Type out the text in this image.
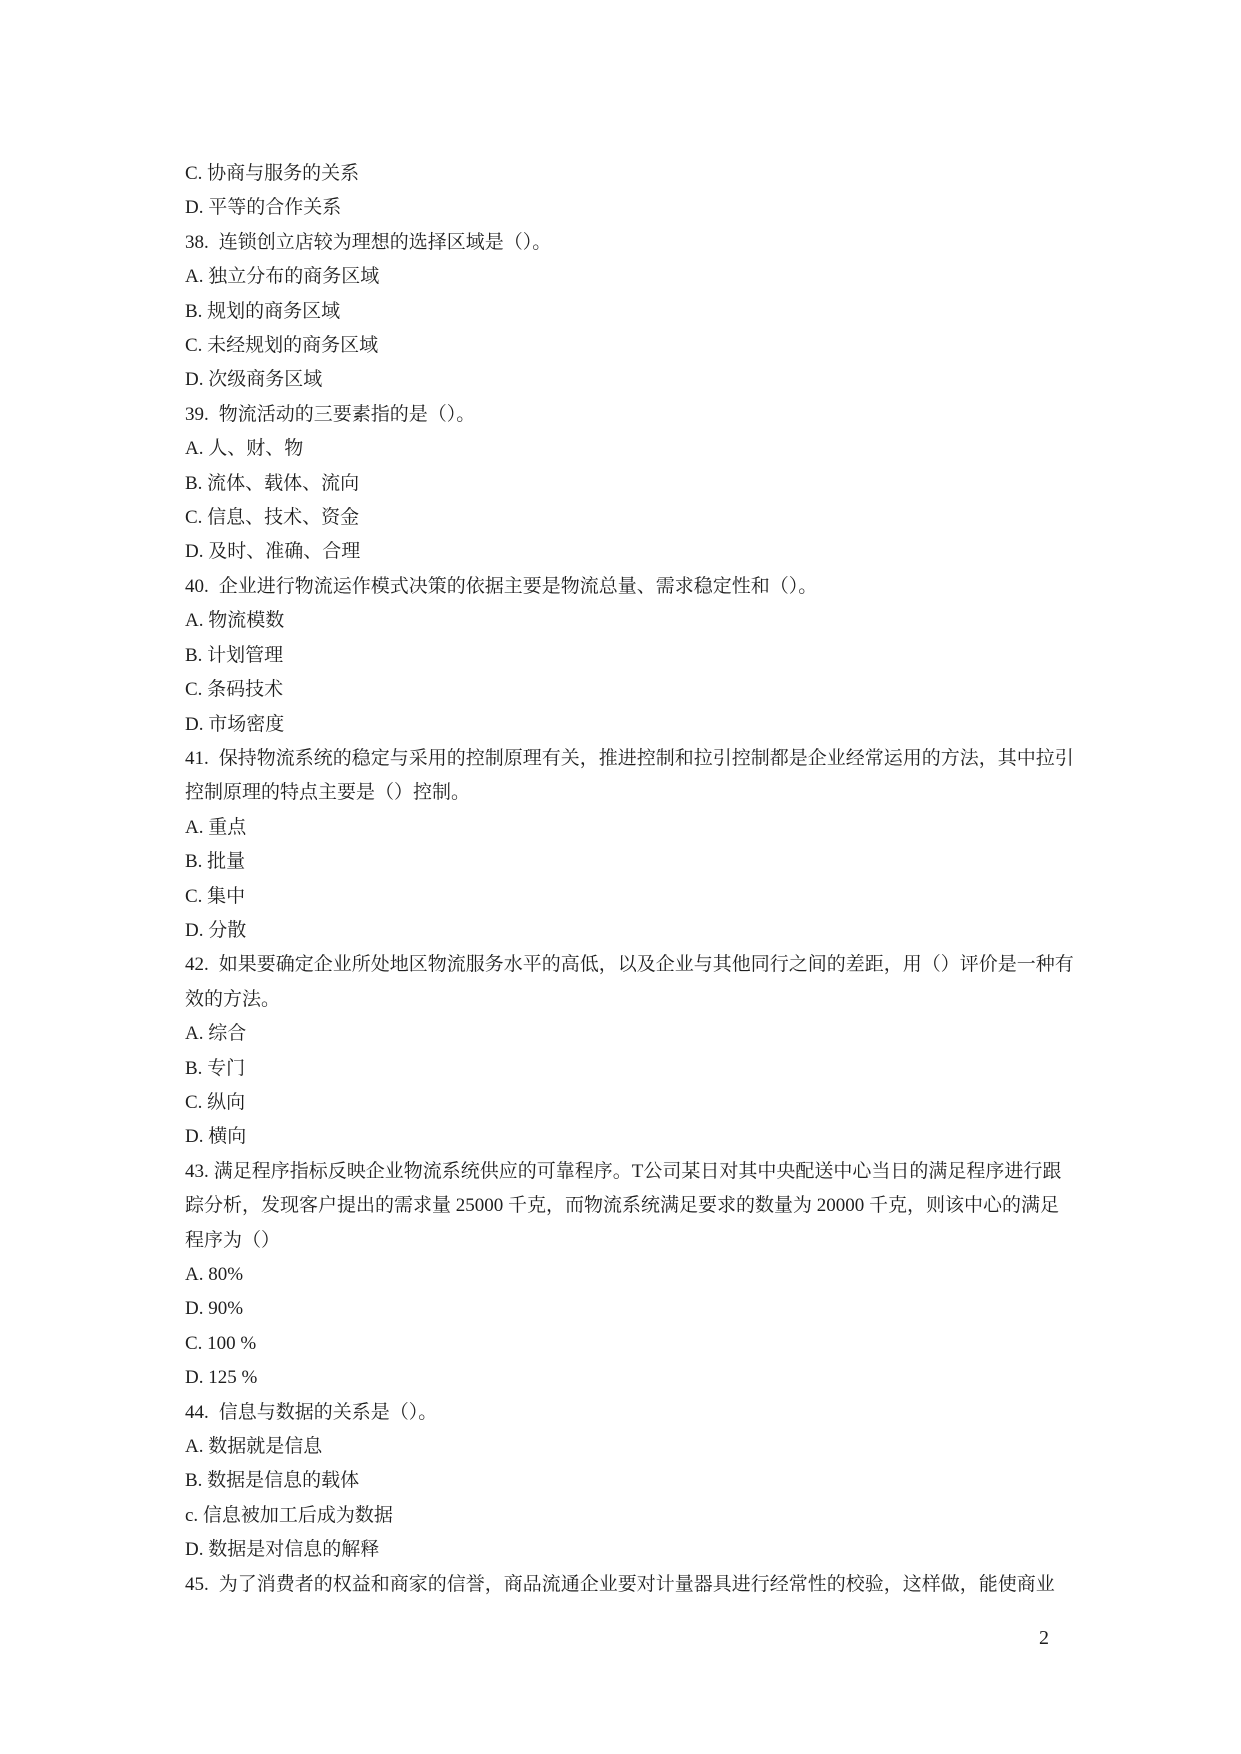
C. 协商与服务的关系

D. 平等的合作关系

38. 连锁创立店较为理想的选择区域是（）。

A. 独立分布的商务区域

B. 规划的商务区域

C. 未经规划的商务区域

D. 次级商务区域

39. 物流活动的三要素指的是（）。

A. 人、财、物

B. 流体、载体、流向

C. 信息、技术、资金

D. 及时、准确、合理

40. 企业进行物流运作模式决策的依据主要是物流总量、需求稳定性和（）。

A. 物流模数

B. 计划管理

C. 条码技术

D. 市场密度

41. 保持物流系统的稳定与采用的控制原理有关，推进控制和拉引控制都是企业经常运用的方法，其中拉引控制原理的特点主要是（）控制。

A. 重点

B. 批量

C. 集中

D. 分散

42. 如果要确定企业所处地区物流服务水平的高低，以及企业与其他同行之间的差距，用（）评价是一种有效的方法。

A. 综合

B. 专门

C. 纵向

D. 横向

43. 满足程序指标反映企业物流系统供应的可靠程序。T公司某日对其中央配送中心当日的满足程序进行跟踪分析，发现客户提出的需求量 25000 千克，而物流系统满足要求的数量为 20000 千克，则该中心的满足程序为（）

A. 80%

D. 90%

C. 100 %

D. 125 %

44. 信息与数据的关系是（）。

A. 数据就是信息

B. 数据是信息的载体

c. 信息被加工后成为数据

D. 数据是对信息的解释

45. 为了消费者的权益和商家的信誉，商品流通企业要对计量器具进行经常性的校验，这样做，能使商业

2
